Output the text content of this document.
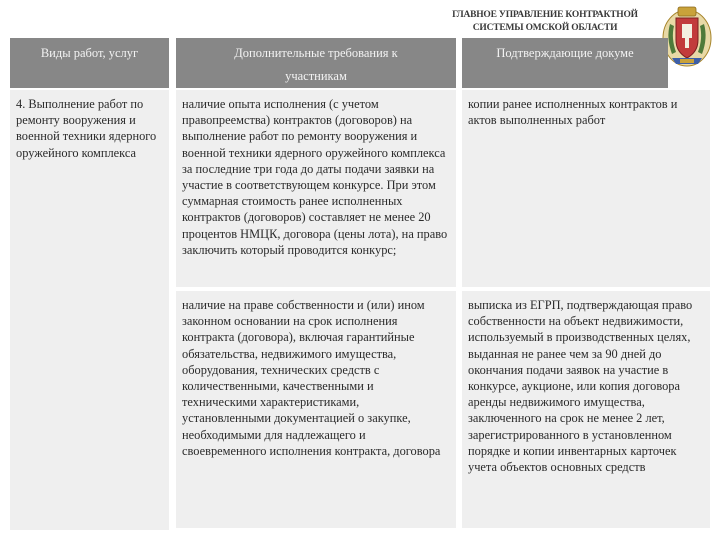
ГЛАВНОЕ УПРАВЛЕНИЕ КОНТРАКТНОЙ
СИСТЕМЫ ОМСКОЙ ОБЛАСТИ
Виды работ, услуг	Дополнительные требования к
участникам
Подтверждающие докуме

4. Выполнение работ по ремонту вооружения и военной техники ядерного оружейного комплекса

наличие опыта исполнения (с учетом правопреемства) контрактов (договоров) на выполнение работ по ремонту вооружения и военной техники ядерного оружейного комплекса за последние три года до даты подачи заявки на участие в соответствующем конкурсе. При этом суммарная стоимость ранее исполненных контрактов (договоров) составляет не менее 20 процентов НМЦК, договора (цены лота), на право заключить который проводится конкурс;

копии ранее исполненных контрактов и актов выполненных работ

наличие на праве собственности и (или) ином законном основании на срок исполнения контракта (договора), включая гарантийные обязательства, недвижимого имущества, оборудования, технических средств с количественными, качественными и техническими характеристиками, установленными документацией о закупке, необходимыми для надлежащего и своевременного исполнения контракта, договора

выписка из ЕГРП, подтверждающая право собственности на объект недвижимости, используемый в производственных целях, выданная не ранее чем за 90 дней до окончания подачи заявок на участие в конкурсе, аукционе, или копия договора аренды недвижимого имущества, заключенного на срок не менее 2 лет, зарегистрированного в установленном порядке и копии инвентарных карточек учета объектов основных средств
